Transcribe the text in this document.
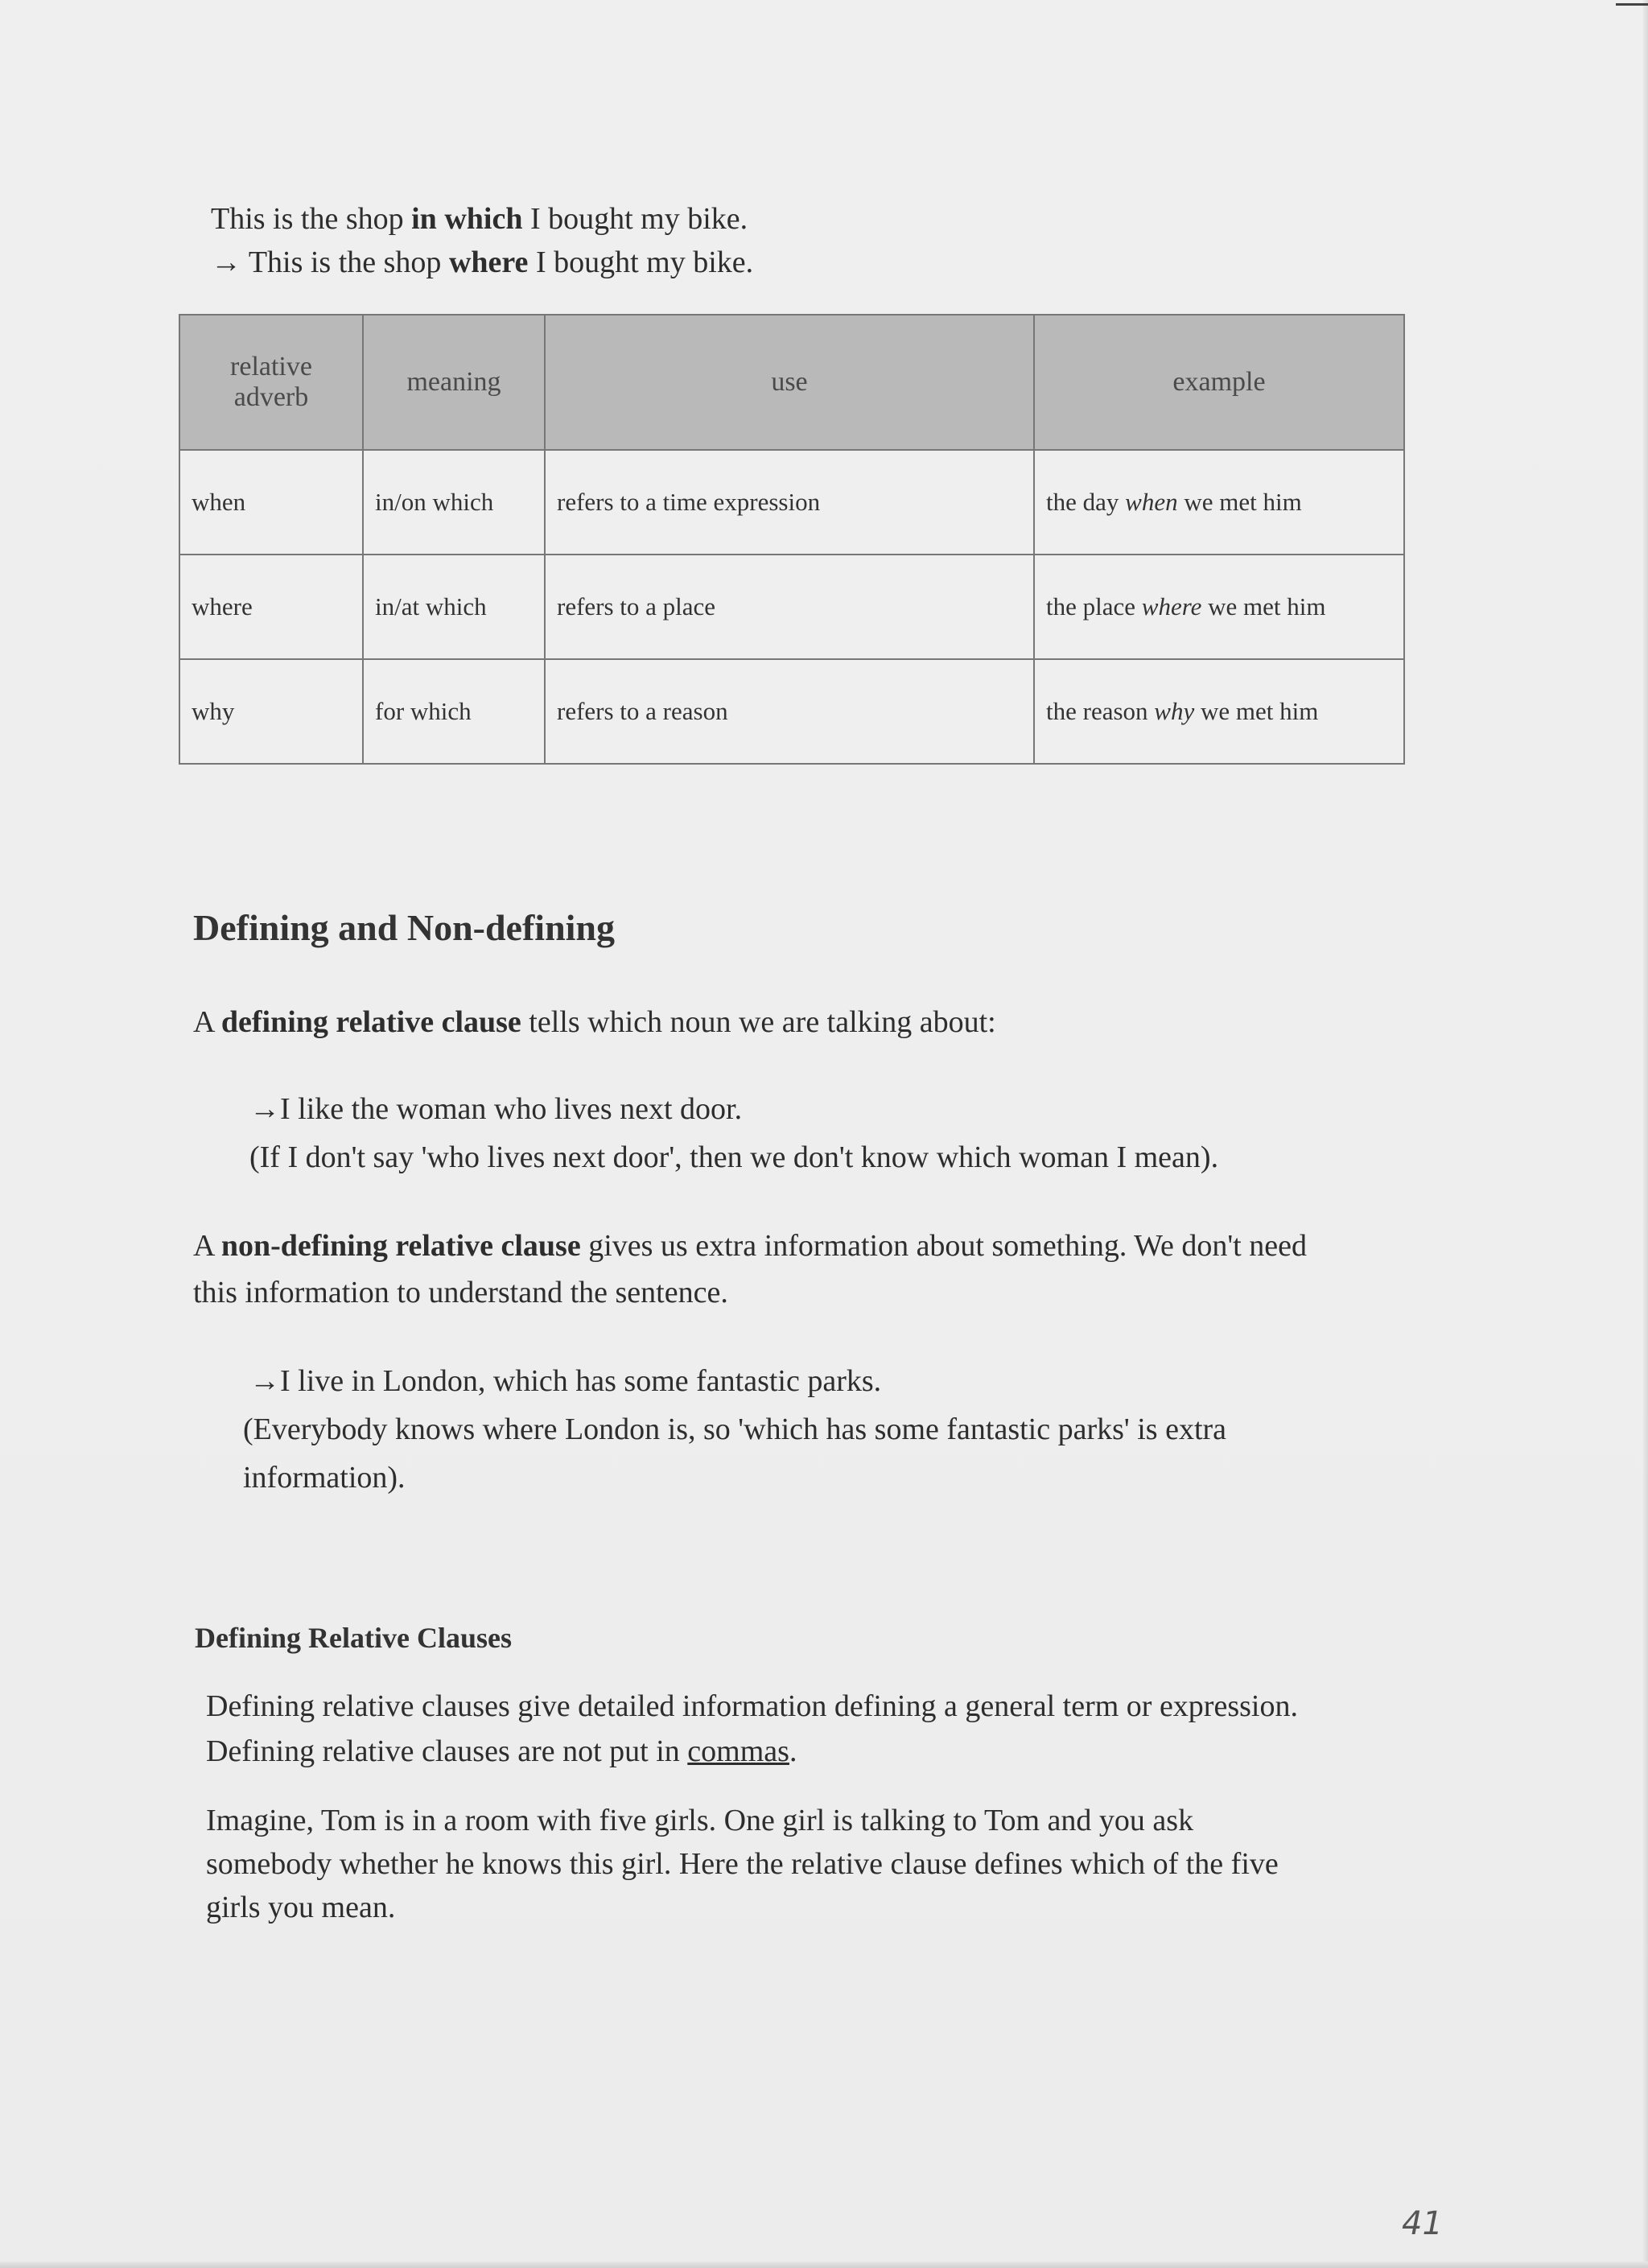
This is the shop in which I bought my bike.
→ This is the shop where I bought my bike.
relative adverb	meaning	use	example
when	in/on which	refers to a time expression	the day when we met him
where	in/at which	refers to a place	the place where we met him
why	for which	refers to a reason	the reason why we met him
Defining and Non-defining
A defining relative clause tells which noun we are talking about:
→I like the woman who lives next door.
(If I don't say 'who lives next door', then we don't know which woman I mean).
A non-defining relative clause gives us extra information about something. We don't need
this information to understand the sentence.
→I live in London, which has some fantastic parks.
(Everybody knows where London is, so 'which has some fantastic parks' is extra
information).
Defining Relative Clauses
Defining relative clauses give detailed information defining a general term or expression.
Defining relative clauses are not put in commas.
Imagine, Tom is in a room with five girls. One girl is talking to Tom and you ask
somebody whether he knows this girl. Here the relative clause defines which of the five
girls you mean.
41
